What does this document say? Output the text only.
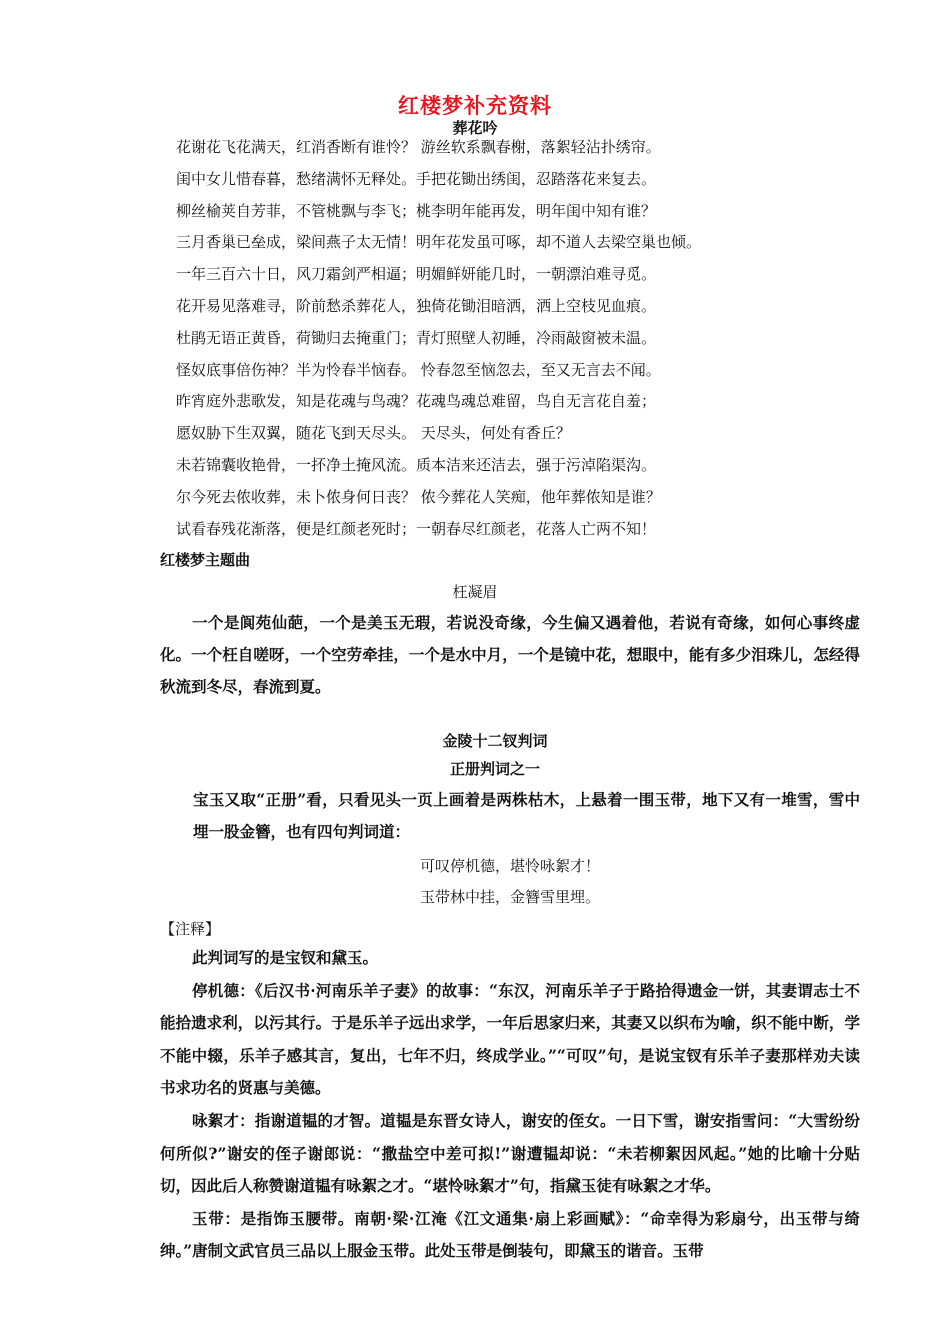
红楼梦补充资料
葬花吟
花谢花飞花满天，红消香断有谁怜？ 游丝软系飘春榭，落絮轻沾扑绣帘。
闺中女儿惜春暮，愁绪满怀无释处。手把花锄出绣闺，忍踏落花来复去。
柳丝榆荚自芳菲，不管桃飘与李飞；桃李明年能再发，明年闺中知有谁？
三月香巢已垒成，梁间燕子太无情！明年花发虽可啄，却不道人去梁空巢也倾。
一年三百六十日，风刀霜剑严相逼；明媚鲜妍能几时，一朝漂泊难寻觅。
花开易见落难寻，阶前愁杀葬花人，独倚花锄泪暗洒，洒上空枝见血痕。
杜鹃无语正黄昏，荷锄归去掩重门；青灯照壁人初睡，冷雨敲窗被未温。
怪奴底事倍伤神？半为怜春半恼春。 怜春忽至恼忽去，至又无言去不闻。
昨宵庭外悲歌发，知是花魂与鸟魂？花魂鸟魂总难留，鸟自无言花自羞；
愿奴胁下生双翼，随花飞到天尽头。 天尽头，何处有香丘？
未若锦囊收艳骨，一抔净土掩风流。质本洁来还洁去，强于污淖陷渠沟。
尔今死去侬收葬，未卜侬身何日丧？ 侬今葬花人笑痴，他年葬侬知是谁？
试看春残花渐落，便是红颜老死时；一朝春尽红颜老，花落人亡两不知！
红楼梦主题曲
枉凝眉

一个是阆苑仙葩，一个是美玉无瑕，若说没奇缘，今生偏又遇着他，若说有奇缘，如何心事终虚化。一个枉自嗟呀，一个空劳牵挂，一个是水中月，一个是镜中花，想眼中，能有多少泪珠儿，怎经得秋流到冬尽，春流到夏。

金陵十二钗判词
正册判词之一

宝玉又取“正册”看，只看见头一页上画着是两株枯木，上悬着一围玉带，地下又有一堆雪，雪中埋一股金簪，也有四句判词道：

可叹停机德，堪怜咏絮才！
玉带林中挂，金簪雪里埋。
【注释】

此判词写的是宝钗和黛玉。

停机德：《后汉书·河南乐羊子妻》的故事：“东汉，河南乐羊子于路拾得遗金一饼，其妻谓志士不能拾遗求利，以污其行。于是乐羊子远出求学，一年后思家归来，其妻又以织布为喻，织不能中断，学不能中辍，乐羊子感其言，复出，七年不归，终成学业。”“可叹”句，是说宝钗有乐羊子妻那样劝夫读书求功名的贤惠与美德。

咏絮才：指谢道韫的才智。道韫是东晋女诗人，谢安的侄女。一日下雪，谢安指雪问：“大雪纷纷何所似?”谢安的侄子谢郎说：“撒盐空中差可拟!”谢遭韫却说：“未若柳絮因风起。”她的比喻十分贴切，因此后人称赞谢道韫有咏絮之才。“堪怜咏絮才”句，指黛玉徒有咏絮之才华。

玉带：是指饰玉腰带。南朝·梁·江淹《江文通集·扇上彩画赋》：“命幸得为彩扇兮，出玉带与绮绅。”唐制文武官员三品以上服金玉带。此处玉带是倒装句，即黛玉的谐音。玉带
